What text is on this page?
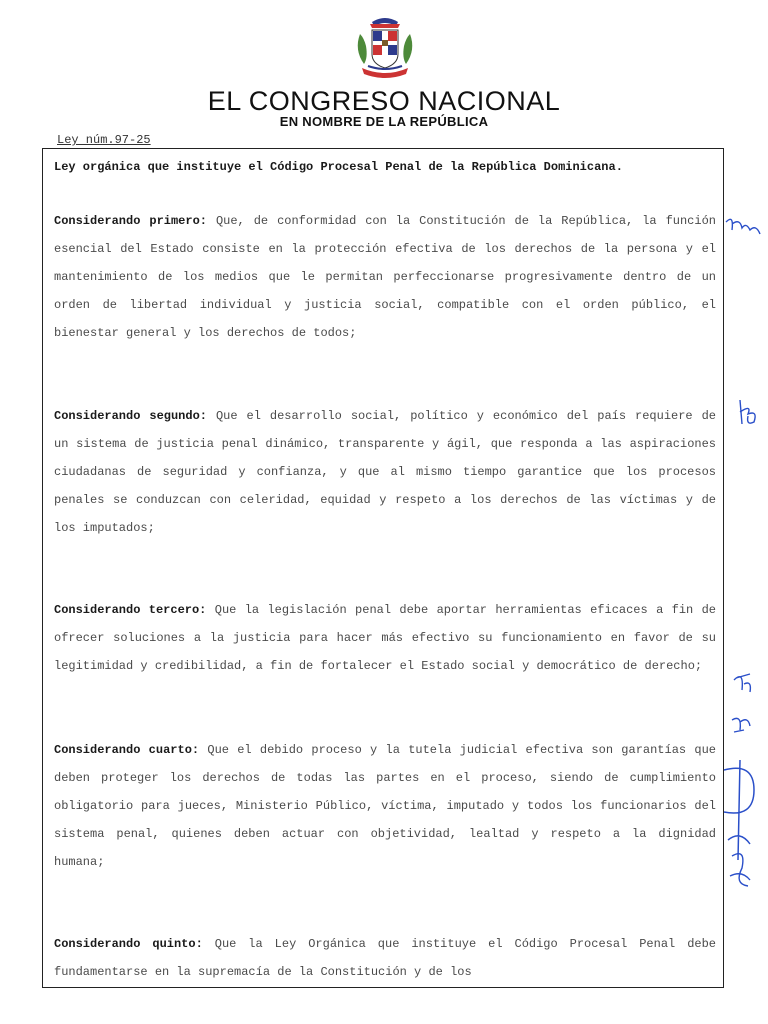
EL CONGRESO NACIONAL
EN NOMBRE DE LA REPÚBLICA
Ley núm.97-25

Ley orgánica que instituye el Código Procesal Penal de la República Dominicana.

Considerando primero: Que, de conformidad con la Constitución de la República, la función esencial del Estado consiste en la protección efectiva de los derechos de la persona y el mantenimiento de los medios que le permitan perfeccionarse progresivamente dentro de un orden de libertad individual y justicia social, compatible con el orden público, el bienestar general y los derechos de todos;

Considerando segundo: Que el desarrollo social, político y económico del país requiere de un sistema de justicia penal dinámico, transparente y ágil, que responda a las aspiraciones ciudadanas de seguridad y confianza, y que al mismo tiempo garantice que los procesos penales se conduzcan con celeridad, equidad y respeto a los derechos de las víctimas y de los imputados;

Considerando tercero: Que la legislación penal debe aportar herramientas eficaces a fin de ofrecer soluciones a la justicia para hacer más efectivo su funcionamiento en favor de su legitimidad y credibilidad, a fin de fortalecer el Estado social y democrático de derecho;

Considerando cuarto: Que el debido proceso y la tutela judicial efectiva son garantías que deben proteger los derechos de todas las partes en el proceso, siendo de cumplimiento obligatorio para jueces, Ministerio Público, víctima, imputado y todos los funcionarios del sistema penal, quienes deben actuar con objetividad, lealtad y respeto a la dignidad humana;

Considerando quinto: Que la Ley Orgánica que instituye el Código Procesal Penal debe fundamentarse en la supremacía de la Constitución y de los
